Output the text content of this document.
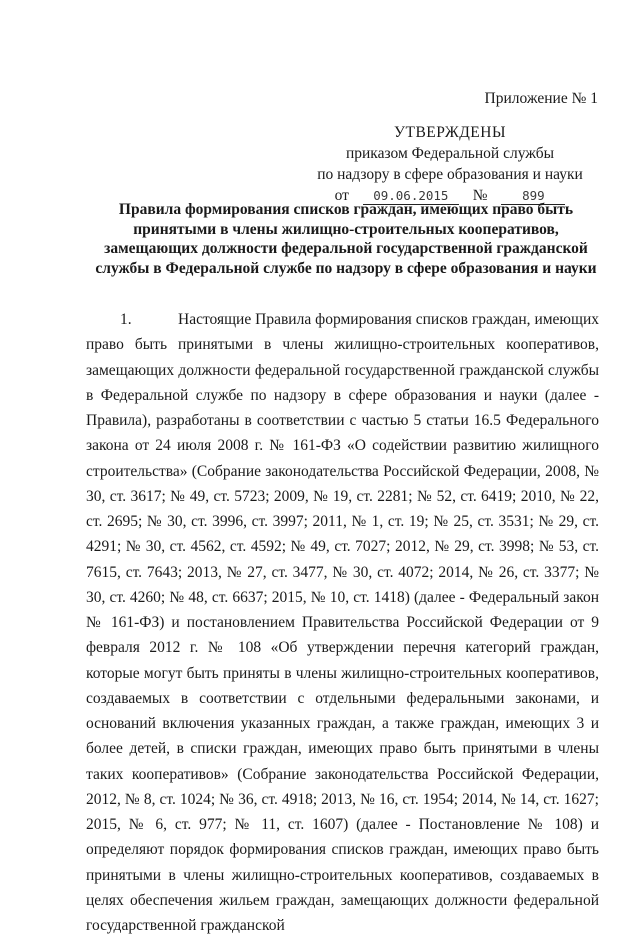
Приложение № 1
УТВЕРЖДЕНЫ
приказом Федеральной службы
по надзору в сфере образования и науки
от 09.06.2015 №	899
Правила формирования списков граждан, имеющих право быть принятыми в члены жилищно-строительных кооперативов, замещающих должности федеральной государственной гражданской службы в Федеральной службе по надзору в сфере образования и науки

1.	Настоящие Правила формирования списков граждан, имеющих право быть принятыми в члены жилищно-строительных кооперативов, замещающих должности федеральной государственной гражданской службы в Федеральной службе по надзору в сфере образования и науки (далее - Правила), разработаны в соответствии с частью 5 статьи 16.5 Федерального закона от 24 июля 2008 г. № 161-ФЗ «О содействии развитию жилищного строительства» (Собрание законодательства Российской Федерации, 2008, № 30, ст. 3617; № 49, ст. 5723; 2009, № 19, ст. 2281; № 52, ст. 6419; 2010, № 22, ст. 2695; № 30, ст. 3996, ст. 3997; 2011, № 1, ст. 19; № 25, ст. 3531; № 29, ст. 4291; № 30, ст. 4562, ст. 4592; № 49, ст. 7027; 2012, № 29, ст. 3998; № 53, ст. 7615, ст. 7643; 2013, № 27, ст. 3477, № 30, ст. 4072; 2014, № 26, ст. 3377; № 30, ст. 4260; № 48, ст. 6637; 2015, № 10, ст. 1418) (далее - Федеральный закон № 161-ФЗ) и постановлением Правительства Российской Федерации от 9 февраля 2012 г. № 108 «Об утверждении перечня категорий граждан, которые могут быть приняты в члены жилищно-строительных кооперативов, создаваемых в соответствии с отдельными федеральными законами, и оснований включения указанных граждан, а также граждан, имеющих 3 и более детей, в списки граждан, имеющих право быть принятыми в члены таких кооперативов» (Собрание законодательства Российской Федерации, 2012, № 8, ст. 1024; № 36, ст. 4918; 2013, № 16, ст. 1954; 2014, № 14, ст. 1627; 2015, № 6, ст. 977; № 11, ст. 1607) (далее - Постановление № 108) и определяют порядок формирования списков граждан, имеющих право быть принятыми в члены жилищно-строительных кооперативов, создаваемых в целях обеспечения жильем граждан, замещающих должности федеральной государственной гражданской
